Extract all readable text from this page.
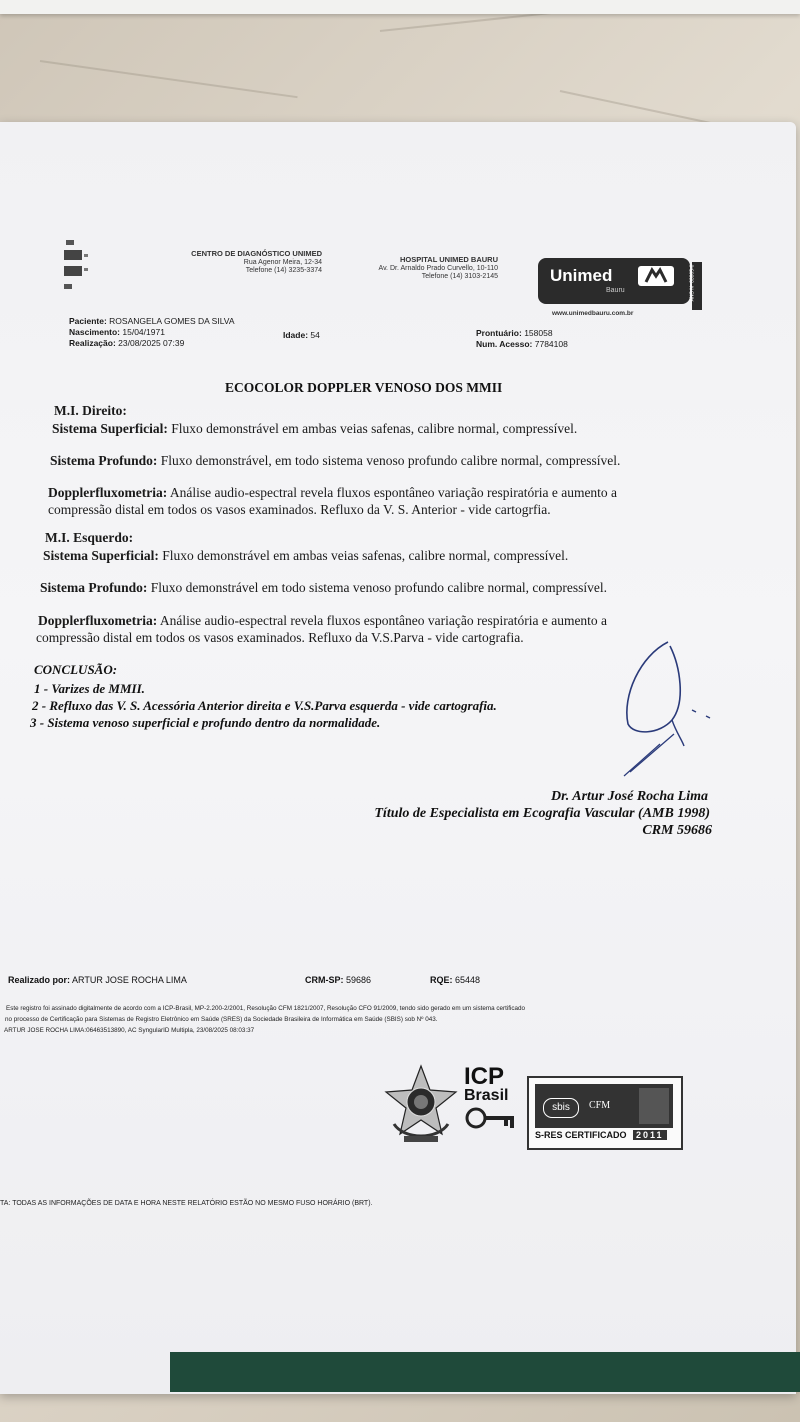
CENTRO DE DIAGNÓSTICO UNIMED
Rua Agenor Meira, 12-34
Telefone (14) 3235-3374
HOSPITAL UNIMED BAURU
Av. Dr. Arnaldo Prado Curvello, 10-110
Telefone (14) 3103-2145	Unimed
Bauru	ANS Nº 33865-0
www.unimedbauru.com.br
Paciente: ROSANGELA GOMES DA SILVA
Nascimento: 15/04/1971
Realização: 23/08/2025 07:39
Idade: 54	Prontuário: 158058
Num. Acesso: 7784108
ECOCOLOR DOPPLER VENOSO DOS MMII
M.I. Direito:
Sistema Superficial: Fluxo demonstrável em ambas veias safenas, calibre normal, compressível.
Sistema Profundo: Fluxo demonstrável, em todo sistema venoso profundo calibre normal, compressível.
Dopplerfluxometria: Análise audio-espectral revela fluxos espontâneo variação respiratória e aumento a
compressão distal em todos os vasos examinados. Refluxo da V. S. Anterior - vide cartogrfia.
M.I. Esquerdo:
Sistema Superficial: Fluxo demonstrável em ambas veias safenas, calibre normal, compressível.
Sistema Profundo: Fluxo demonstrável em todo sistema venoso profundo calibre normal, compressível.
Dopplerfluxometria: Análise audio-espectral revela fluxos espontâneo variação respiratória e aumento a
compressão distal em todos os vasos examinados. Refluxo da V.S.Parva - vide cartografia.
CONCLUSÃO:
1 - Varizes de MMII.
2 - Refluxo das V. S. Acessória Anterior direita e V.S.Parva esquerda - vide cartografia.
3 - Sistema venoso superficial e profundo dentro da normalidade.
Dr. Artur José Rocha Lima
Título de Especialista em Ecografia Vascular (AMB 1998)
CRM 59686
Realizado por: ARTUR JOSE ROCHA LIMA	CRM-SP: 59686	RQE: 65448
Este registro foi assinado digitalmente de acordo com a ICP-Brasil, MP-2.200-2/2001, Resolução CFM 1821/2007, Resolução CFO 91/2009, tendo sido gerado em um sistema certificado
no processo de Certificação para Sistemas de Registro Eletrônico em Saúde (SRES) da Sociedade Brasileira de Informática em Saúde (SBIS) sob Nº 043.
ARTUR JOSE ROCHA LIMA:06463513890, AC SyngularID Multipla, 23/08/2025 08:03:37
ICP
Brasil
sbis	CFM
S-RES CERTIFICADO	2011
TA: TODAS AS INFORMAÇÕES DE DATA E HORA NESTE RELATÓRIO ESTÃO NO MESMO FUSO HORÁRIO (BRT).
